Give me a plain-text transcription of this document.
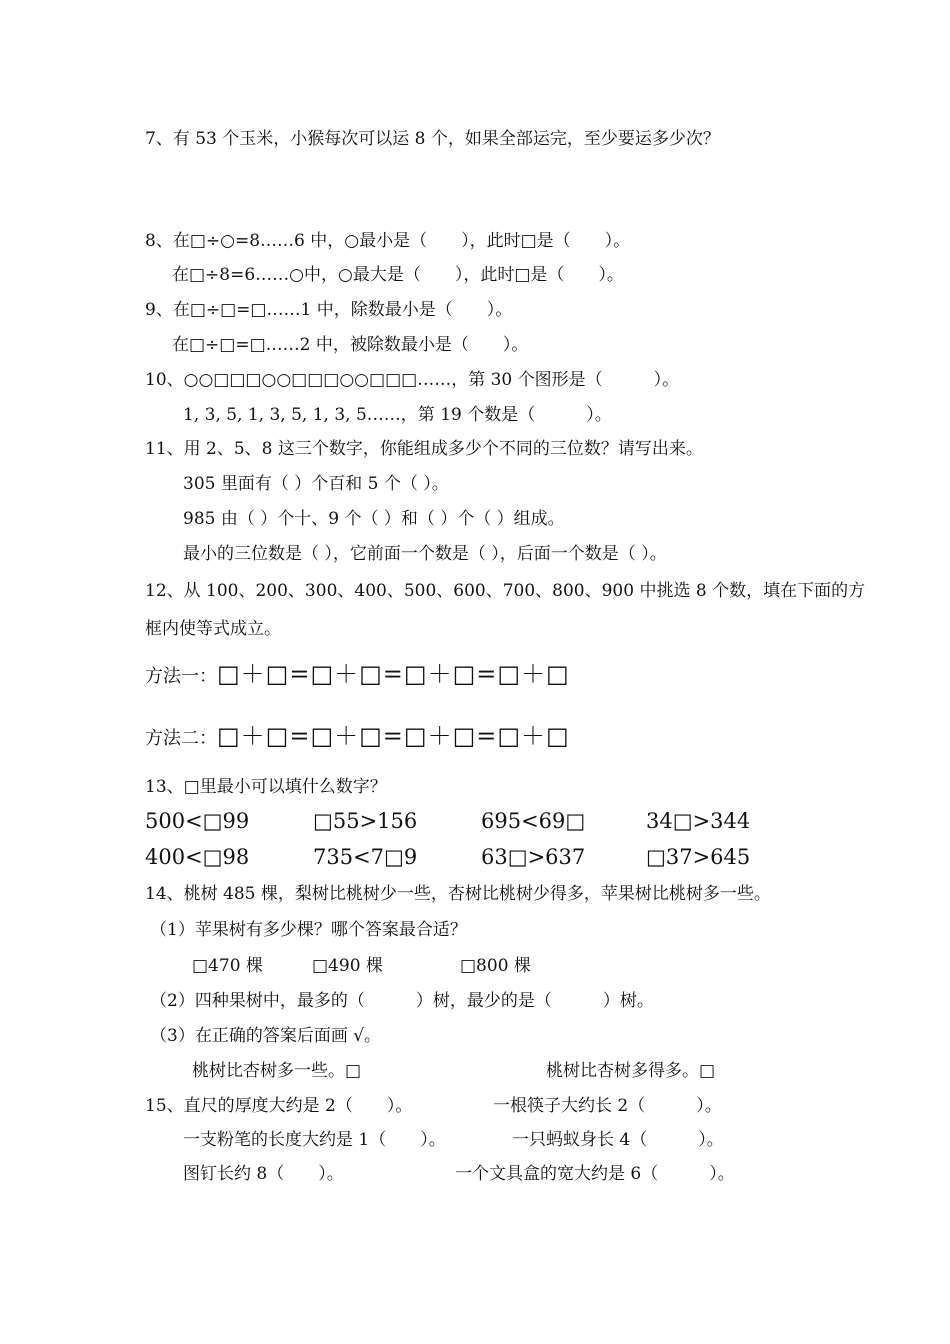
7、有 53 个玉米，小猴每次可以运 8 个，如果全部运完，至少要运多少次？
8、在□÷○=8……6 中，○最小是（　　），此时□是（　　）。
在□÷8=6……○中，○最大是（　　），此时□是（　　）。
9、在□÷□=□……1 中，除数最小是（　　）。
在□÷□=□……2 中，被除数最小是（　　）。
10、○○□□□○○□□□○○□□□……，第 30 个图形是（　　　）。
1, 3, 5, 1, 3, 5, 1, 3, 5……，第 19 个数是（　　　）。
11、用 2、5、8 这三个数字，你能组成多少个不同的三位数？请写出来。
305 里面有（ ）个百和 5 个（ ）。
985 由（ ）个十、9 个（ ）和（ ）个（ ）组成。
最小的三位数是（ ），它前面一个数是（ ），后面一个数是（ ）。
12、从 100、200、300、400、500、600、700、800、900 中挑选 8 个数，填在下面的方
框内使等式成立。
方法一：□＋□=□＋□=□＋□=□＋□
方法二：□＋□=□＋□=□＋□=□＋□
13、□里最小可以填什么数字？
500<□99	□55>156	695<69□	34□>344
400<□98	735<7□9	63□>637	□37>645
14、桃树 485 棵，梨树比桃树少一些，杏树比桃树少得多，苹果树比桃树多一些。
（1）苹果树有多少棵？哪个答案最合适？
□470 棵	□490 棵	□800 棵
（2）四种果树中，最多的（　　　）树，最少的是（　　　）树。
（3）在正确的答案后面画 √。
桃树比杏树多一些。□	桃树比杏树多得多。□
15、直尺的厚度大约是 2（　　）。	一根筷子大约长 2（　　　）。
一支粉笔的长度大约是 1（　　）。	一只蚂蚁身长 4（　　　）。
图钉长约 8（　　）。	一个文具盒的宽大约是 6（　　　）。
